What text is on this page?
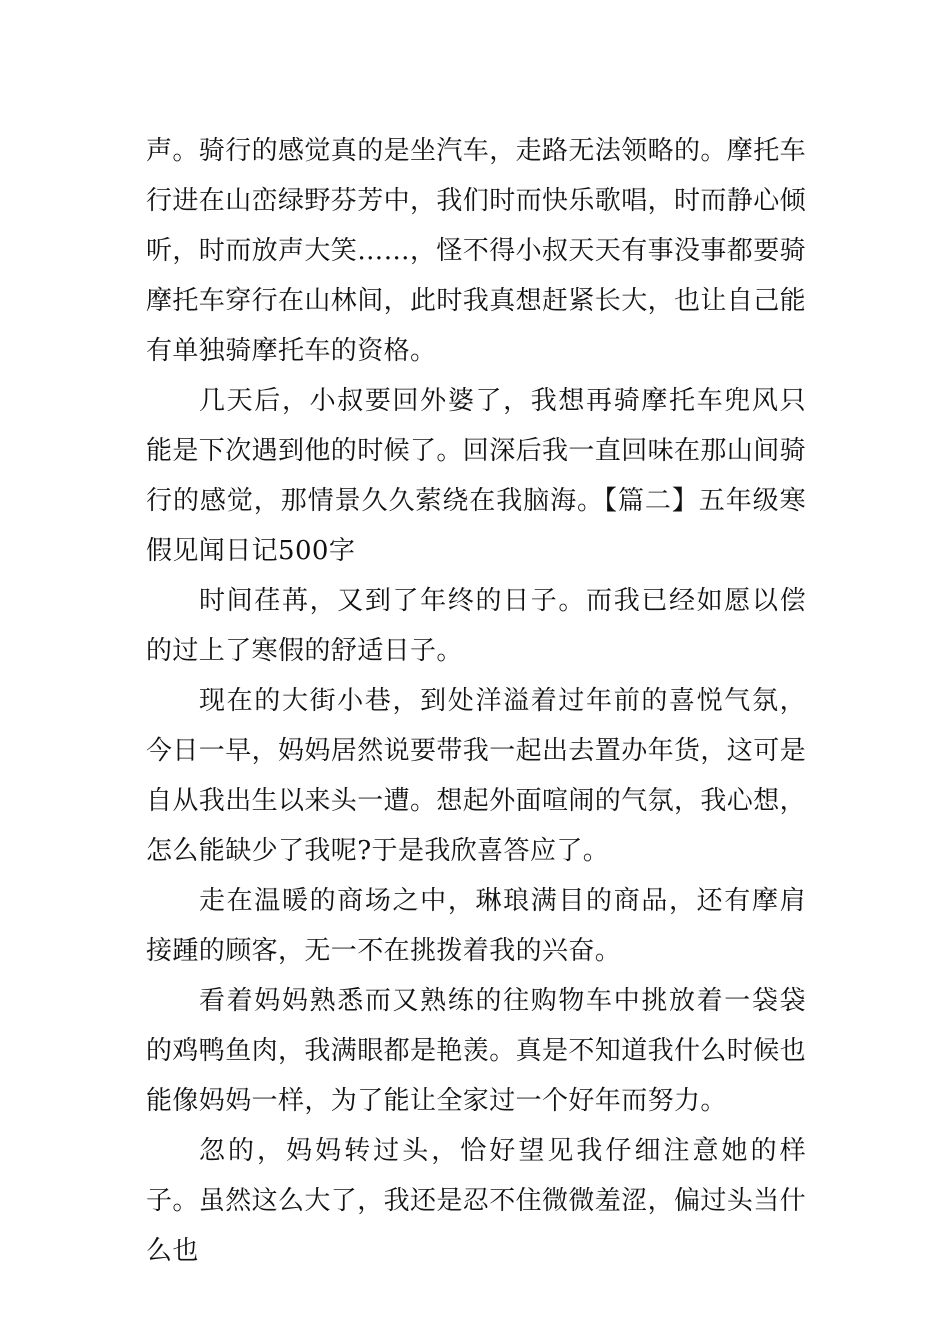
声。骑行的感觉真的是坐汽车，走路无法领略的。摩托车行进在山峦绿野芬芳中，我们时而快乐歌唱，时而静心倾听，时而放声大笑……，怪不得小叔天天有事没事都要骑摩托车穿行在山林间，此时我真想赶紧长大，也让自己能有单独骑摩托车的资格。

几天后，小叔要回外婆了，我想再骑摩托车兜风只能是下次遇到他的时候了。回深后我一直回味在那山间骑行的感觉，那情景久久萦绕在我脑海。【篇二】五年级寒假见闻日记500字

时间荏苒，又到了年终的日子。而我已经如愿以偿的过上了寒假的舒适日子。

现在的大街小巷，到处洋溢着过年前的喜悦气氛，今日一早，妈妈居然说要带我一起出去置办年货，这可是自从我出生以来头一遭。想起外面喧闹的气氛，我心想，怎么能缺少了我呢?于是我欣喜答应了。

走在温暖的商场之中，琳琅满目的商品，还有摩肩接踵的顾客，无一不在挑拨着我的兴奋。

看着妈妈熟悉而又熟练的往购物车中挑放着一袋袋的鸡鸭鱼肉，我满眼都是艳羡。真是不知道我什么时候也能像妈妈一样，为了能让全家过一个好年而努力。

忽的，妈妈转过头，恰好望见我仔细注意她的样子。虽然这么大了，我还是忍不住微微羞涩，偏过头当什么也
